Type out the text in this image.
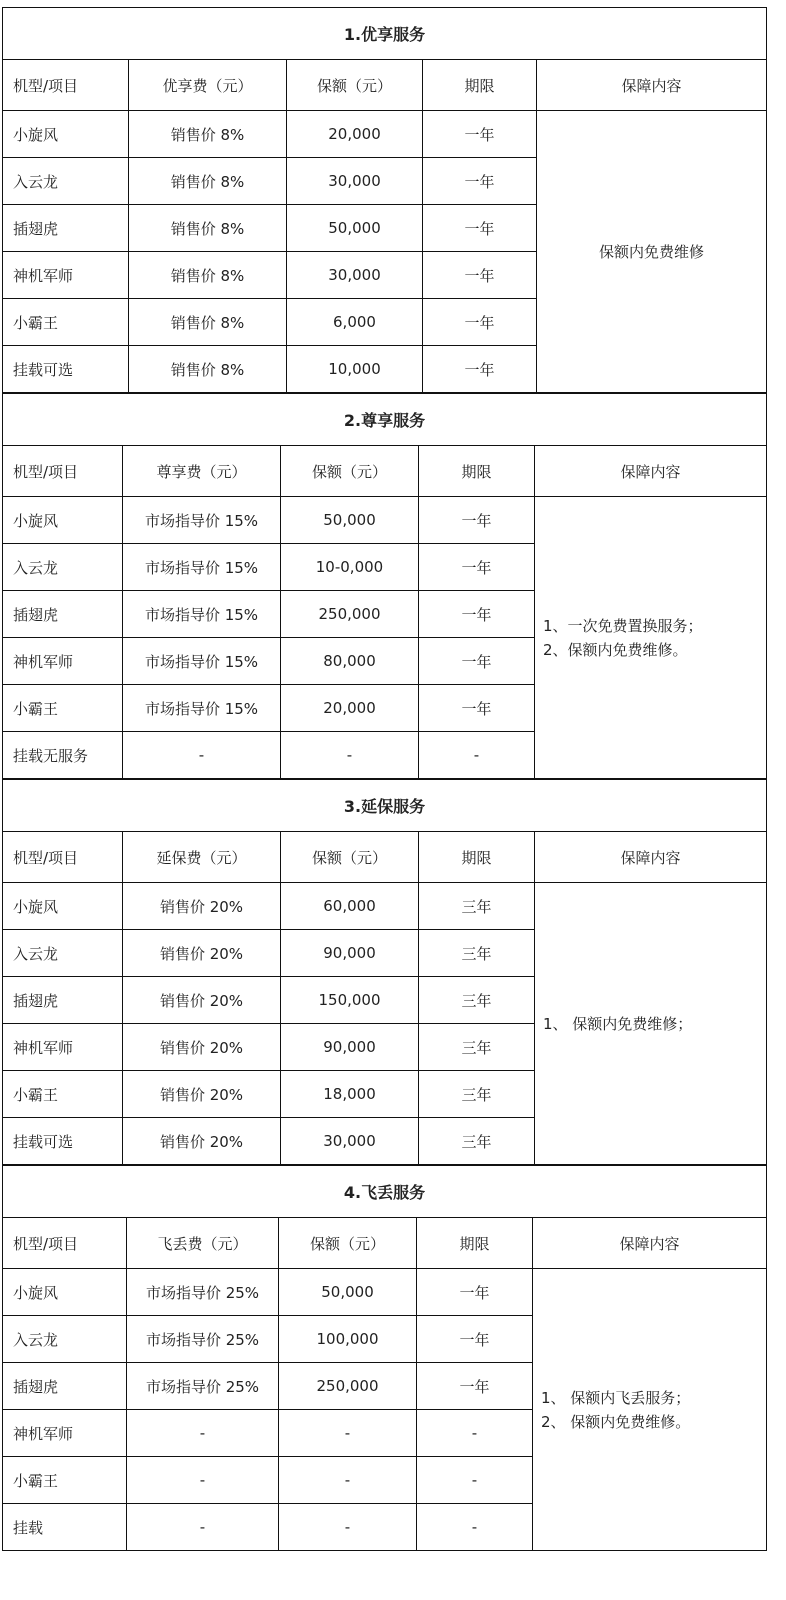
1.优享服务				
机型/项目	优享费（元）	保额（元）	期限	保障内容
小旋风	销售价 8%	20,000	一年	保额内免费维修

入云龙	销售价 8%	30,000	一年	
插翅虎	销售价 8%	50,000	一年	
神机军师	销售价 8%	30,000	一年	
小霸王	销售价 8%	6,000	一年	
挂载可选	销售价 8%	10,000	一年	
2.尊享服务				
机型/项目	尊享费（元）	保额（元）	期限	保障内容
小旋风	市场指导价 15%	50,000	一年	1、一次免费置换服务；
2、保额内免费维修。

入云龙	市场指导价 15%	10-0,000	一年	
插翅虎	市场指导价 15%	250,000	一年	
神机军师	市场指导价 15%	80,000	一年	
小霸王	市场指导价 15%	20,000	一年	
挂载无服务	-	-	-	
3.延保服务				
机型/项目	延保费（元）	保额（元）	期限	保障内容
小旋风	销售价 20%	60,000	三年	1、 保额内免费维修；

入云龙	销售价 20%	90,000	三年	
插翅虎	销售价 20%	150,000	三年	
神机军师	销售价 20%	90,000	三年	
小霸王	销售价 20%	18,000	三年	
挂载可选	销售价 20%	30,000	三年	
4.飞丢服务				
机型/项目	飞丢费（元）	保额（元）	期限	保障内容
小旋风	市场指导价 25%	50,000	一年	1、 保额内飞丢服务；
2、 保额内免费维修。

入云龙	市场指导价 25%	100,000	一年	
插翅虎	市场指导价 25%	250,000	一年	
神机军师	-	-	-	
小霸王	-	-	-	
挂载	-	-	-	
